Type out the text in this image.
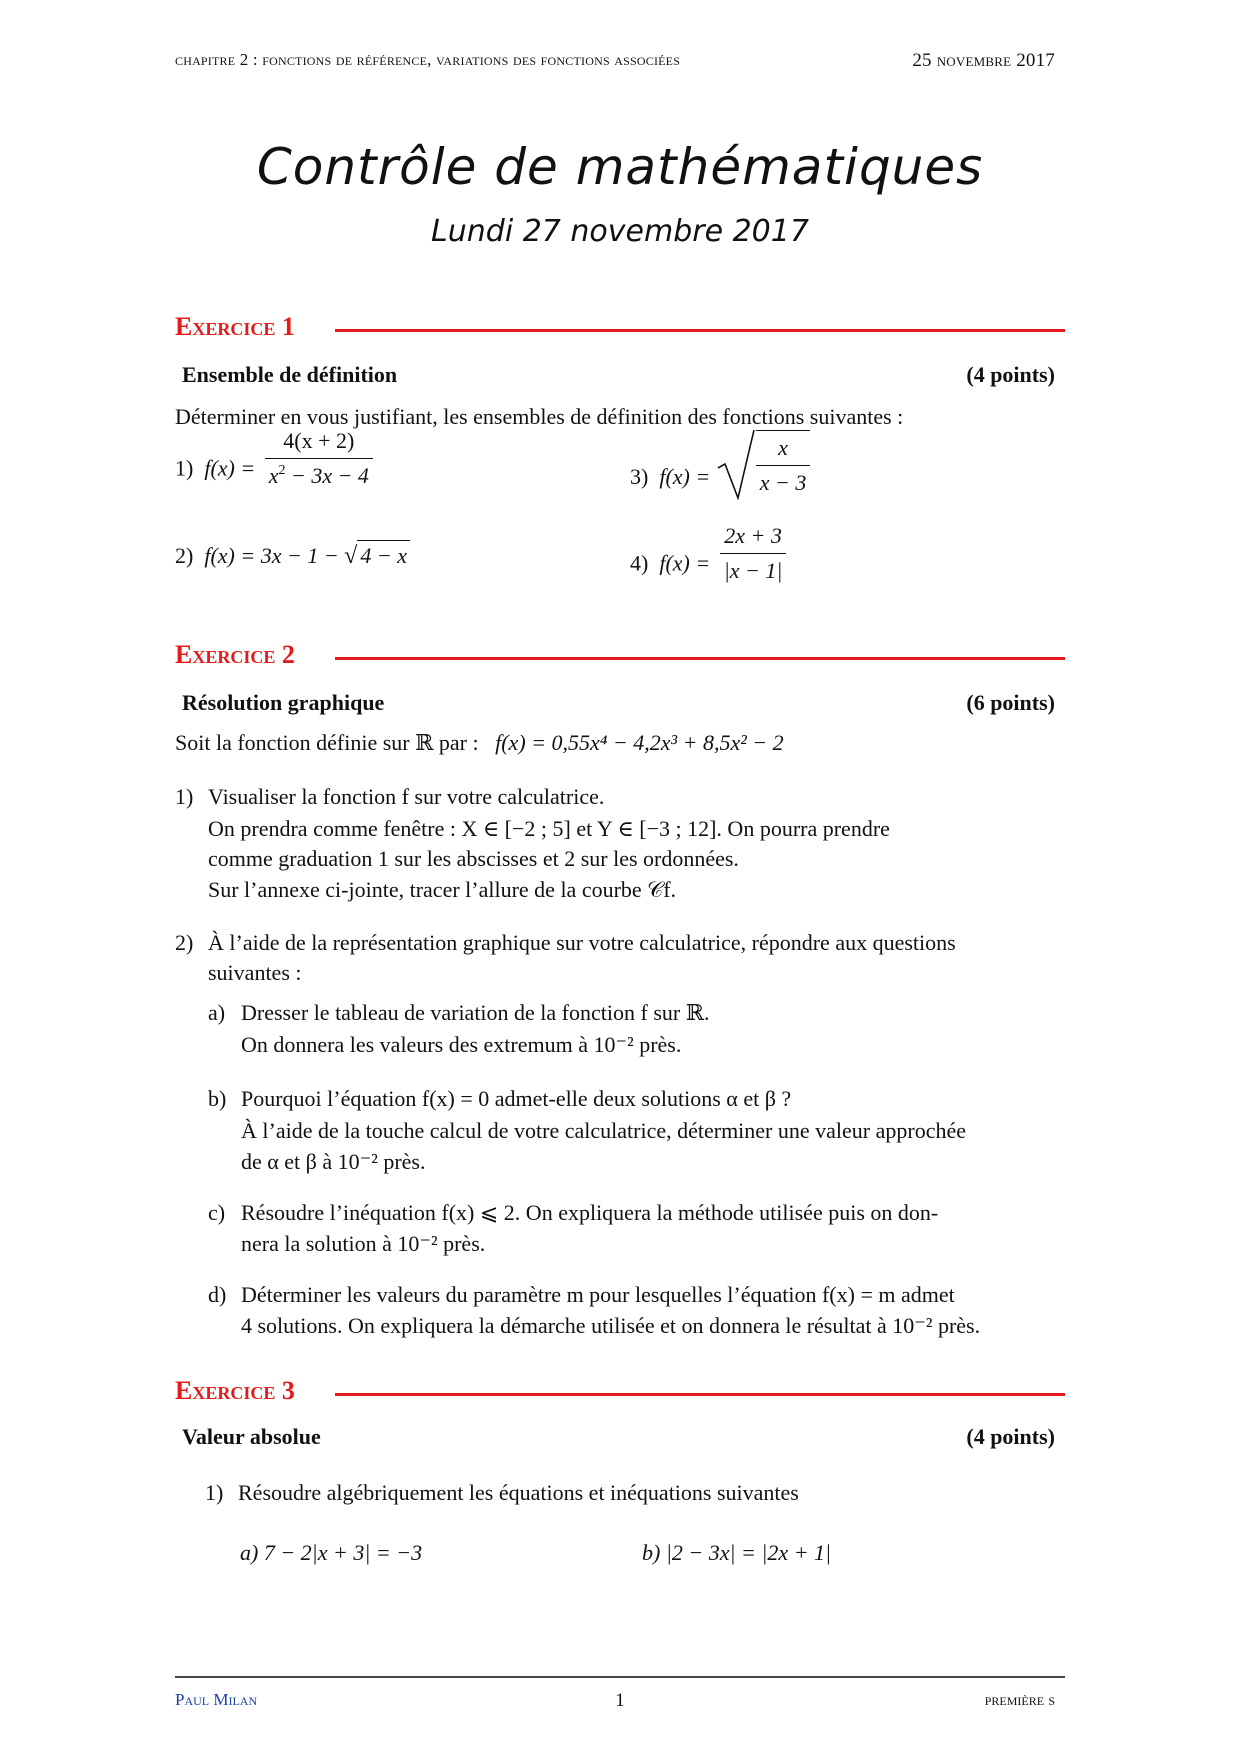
chapitre 2 : fonctions de référence, variations des fonctions associées	25 novembre 2017
Contrôle de mathématiques
Lundi 27 novembre 2017
Exercice 1
Ensemble de définition	(4 points)
Déterminer en vous justifiant, les ensembles de définition des fonctions suivantes :
1) $f(x) = \frac{4(x + 2)}{x^2 - 3x - 4}$	3) $f(x) = \frac{x}{x - 3}$
2) f(x) = 3x − 1 − √ 4 − x	4) $f(x) = \frac{2x + 3}{|x - 1|}$
Exercice 2
Résolution graphique	(6 points)
Soit la fonction définie sur ℝ par : f(x) = 0,55x⁴ − 4,2x³ + 8,5x² − 2
1) Visualiser la fonction f sur votre calculatrice.
On prendra comme fenêtre : X ∈ [−2 ; 5] et Y ∈ [−3 ; 12]. On pourra prendre
comme graduation 1 sur les abscisses et 2 sur les ordonnées.
Sur l’annexe ci-jointe, tracer l’allure de la courbe 𝒞f.
2) À l’aide de la représentation graphique sur votre calculatrice, répondre aux questions
suivantes :
a) Dresser le tableau de variation de la fonction f sur ℝ.
On donnera les valeurs des extremum à 10⁻² près.
b) Pourquoi l’équation f(x) = 0 admet-elle deux solutions α et β ?
À l’aide de la touche calcul de votre calculatrice, déterminer une valeur approchée
de α et β à 10⁻² près.
c) Résoudre l’inéquation f(x) ⩽ 2. On expliquera la méthode utilisée puis on don-
nera la solution à 10⁻² près.
d) Déterminer les valeurs du paramètre m pour lesquelles l’équation f(x) = m admet
4 solutions. On expliquera la démarche utilisée et on donnera le résultat à 10⁻² près.
Exercice 3
Valeur absolue	(4 points)
1) Résoudre algébriquement les équations et inéquations suivantes
a) 7 − 2|x + 3| = −3	b) |2 − 3x| = |2x + 1|
Paul Milan	1	première s
